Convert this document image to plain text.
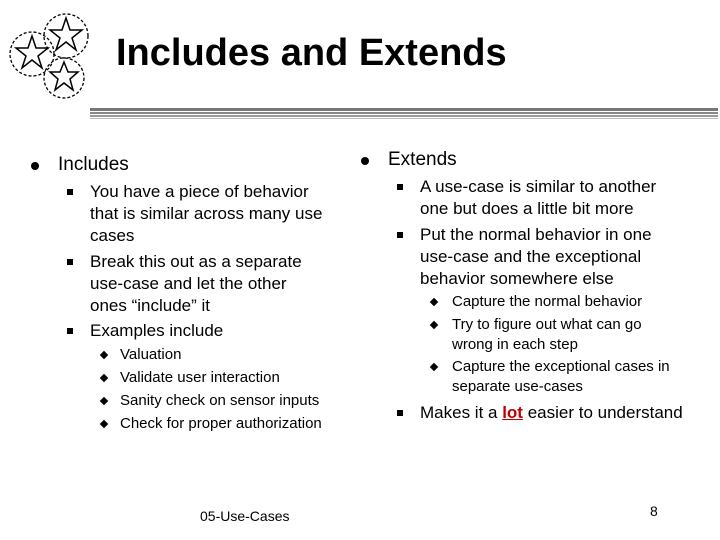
Includes and Extends
Includes
You have a piece of behavior
that is similar across many use
cases
Break this out as a separate
use-case and let the other
ones “include” it
Examples include
Valuation
Validate user interaction
Sanity check on sensor inputs
Check for proper authorization
Extends
A use-case is similar to another
one but does a little bit more
Put the normal behavior in one
use-case and the exceptional
behavior somewhere else
Capture the normal behavior
Try to figure out what can go
wrong in each step
Capture the exceptional cases in
separate use-cases
Makes it a lot easier to understand
05-Use-Cases	8
